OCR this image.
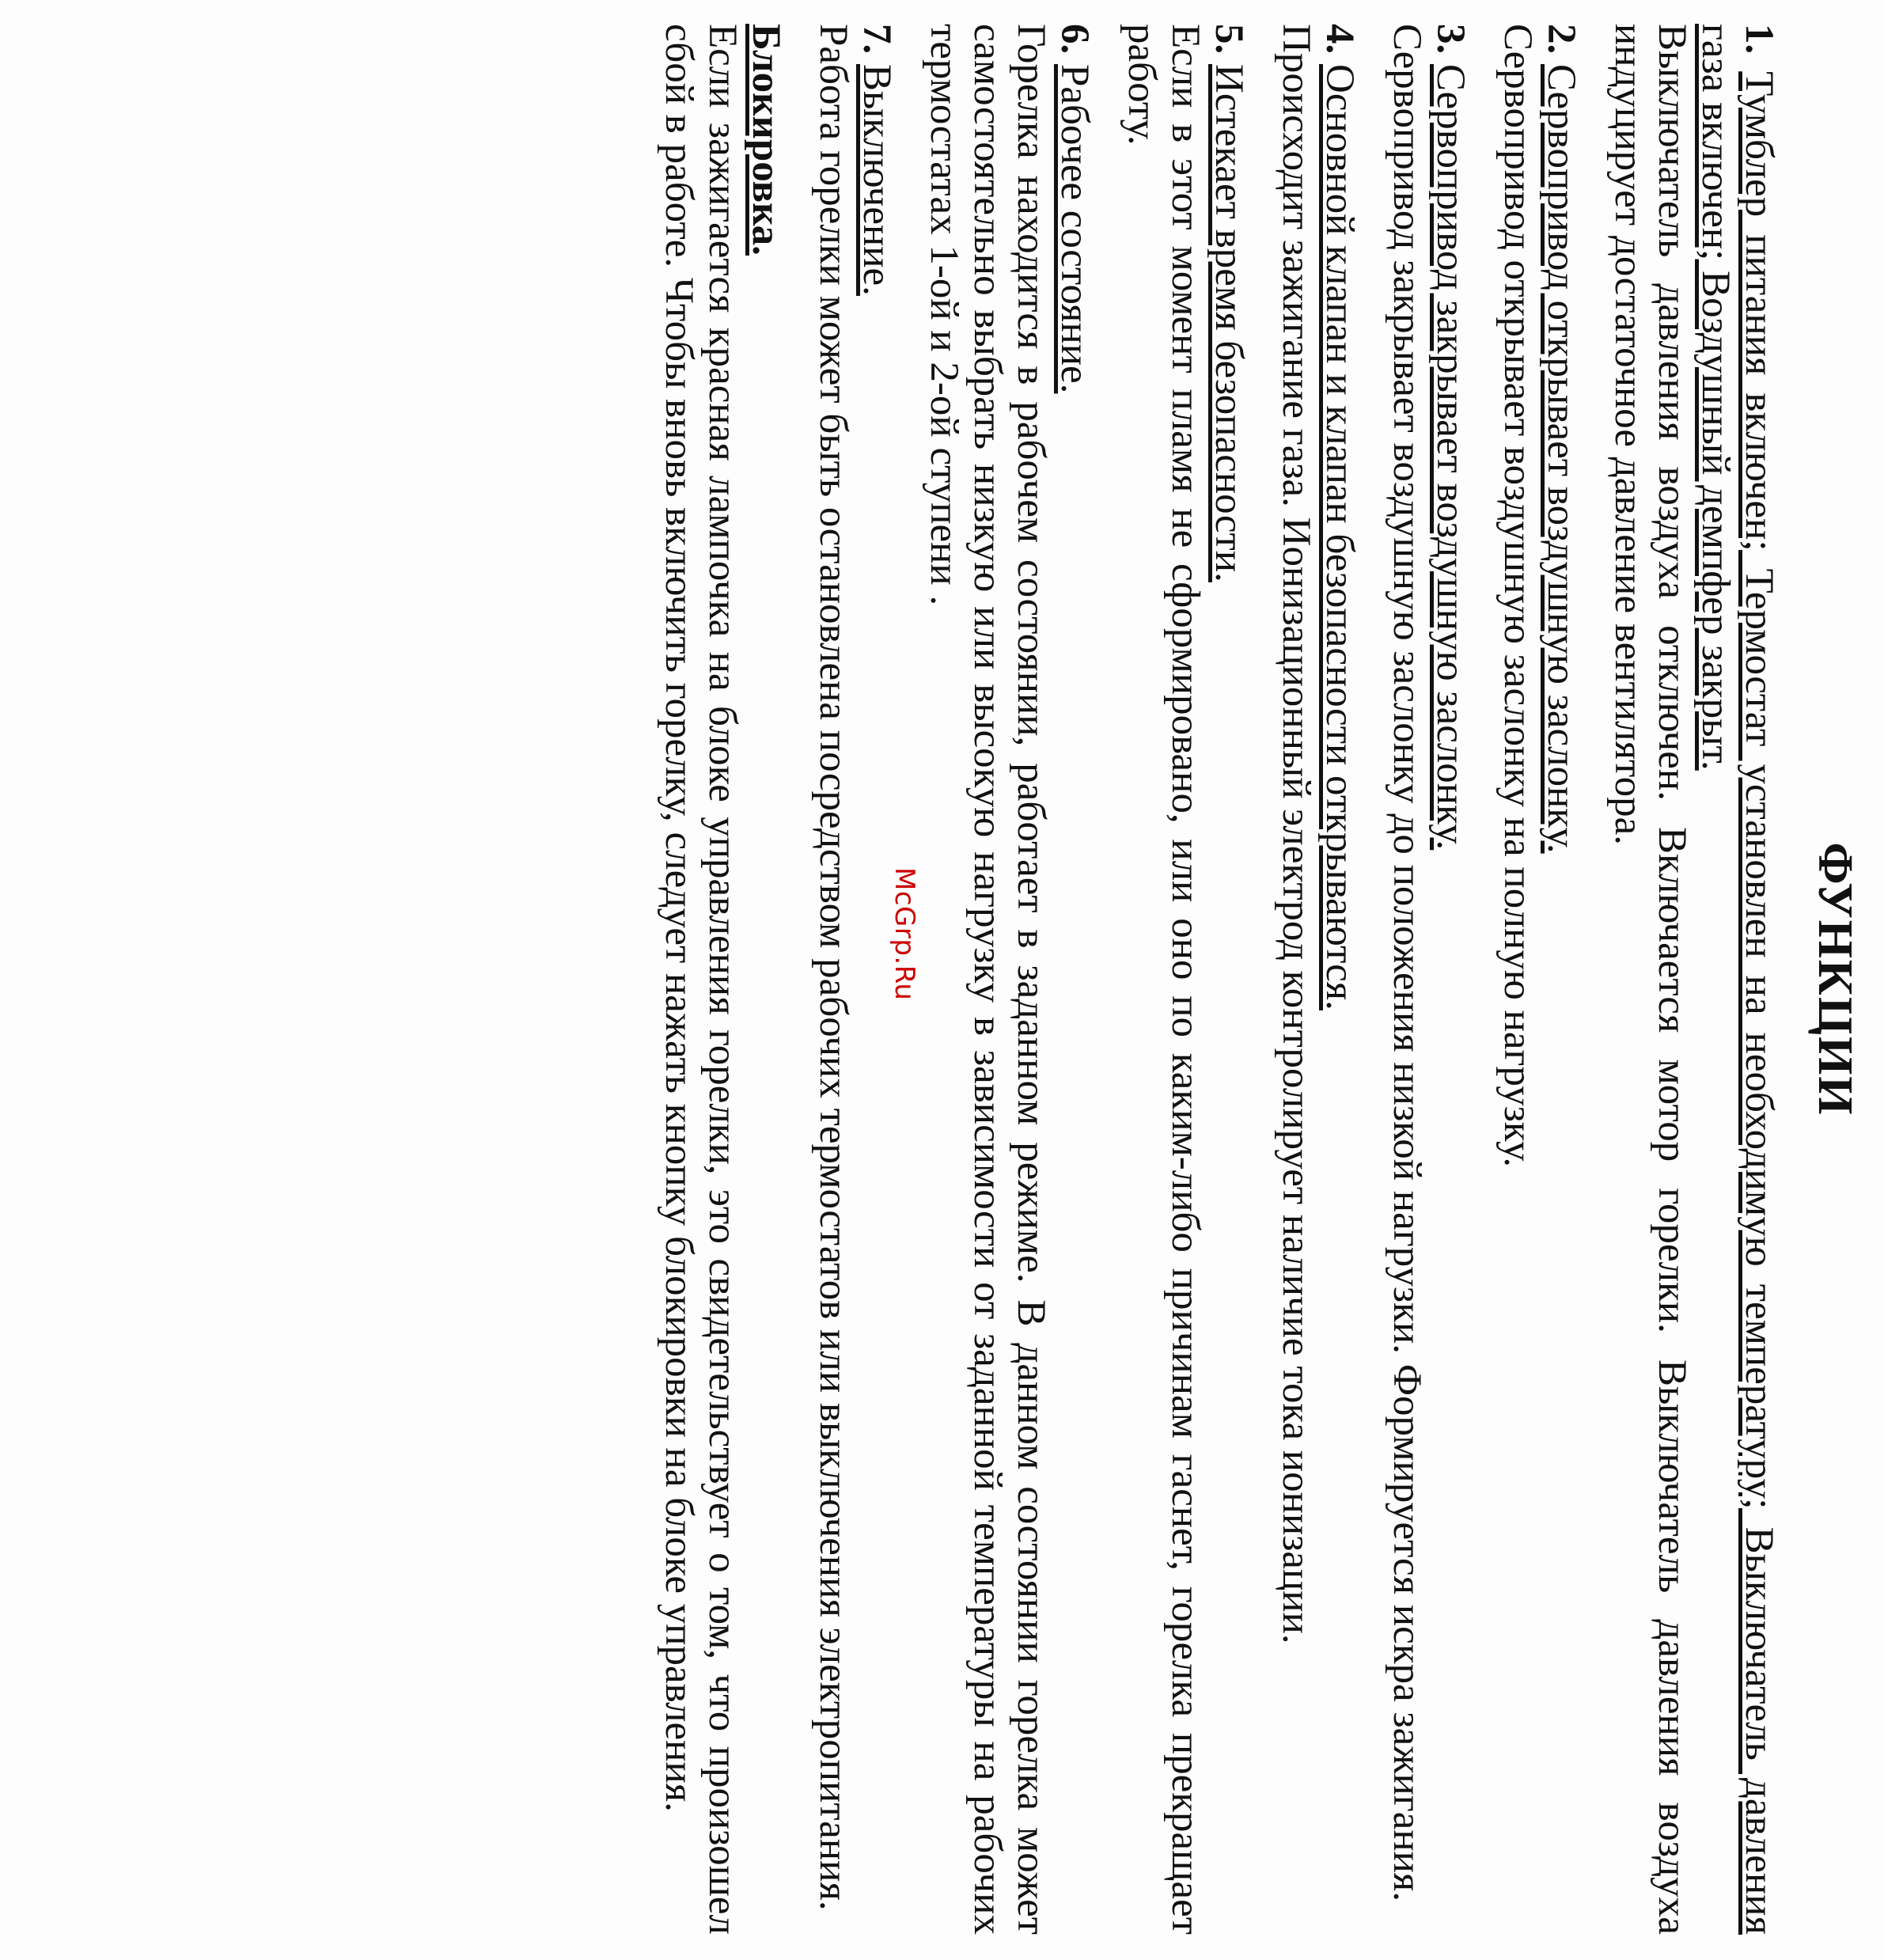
ФУНКЦИИ

1. Тумблер питания включен; Термостат установлен на необходимую температуру; Выключатель давления газа включен; Воздушный демпфер закрыт.

Выключатель давления воздуха отключен. Включается мотор горелки. Выключатель давления воздуха индуцирует достаточное давление вентилятора.

2. Сервопривод открывает воздушную заслонку.

Сервопривод открывает воздушную заслонку на полную нагрузку.

3. Сервопривод закрывает воздушную заслонку.

Сервопривод закрывает воздушную заслонку до положения низкой нагрузки. Формируется искра зажигания.

4. Основной клапан и клапан безопасности открываются.

Происходит зажигание газа. Ионизационный электрод контролирует наличие тока ионизации.

5. Истекает время безопасности.

Если в этот момент пламя не сформировано, или оно по каким-либо причинам гаснет, горелка прекращает работу.

6. Рабочее состояние.

Горелка находится в рабочем состоянии, работает в заданном режиме. В данном состоянии горелка может самостоятельно выбрать низкую или высокую нагрузку в зависимости от заданной температуры на рабочих термостатах 1-ой и 2-ой ступени .

7. Выключение.

Работа горелки может быть остановлена посредством рабочих термостатов или выключения электропитания.

Блокировка.

Если зажигается красная лампочка на блоке управления горелки, это свидетельствует о том, что произошел сбой в работе. Чтобы вновь включить горелку, следует нажать кнопку блокировки на блоке управления.	McGrp.Ru
